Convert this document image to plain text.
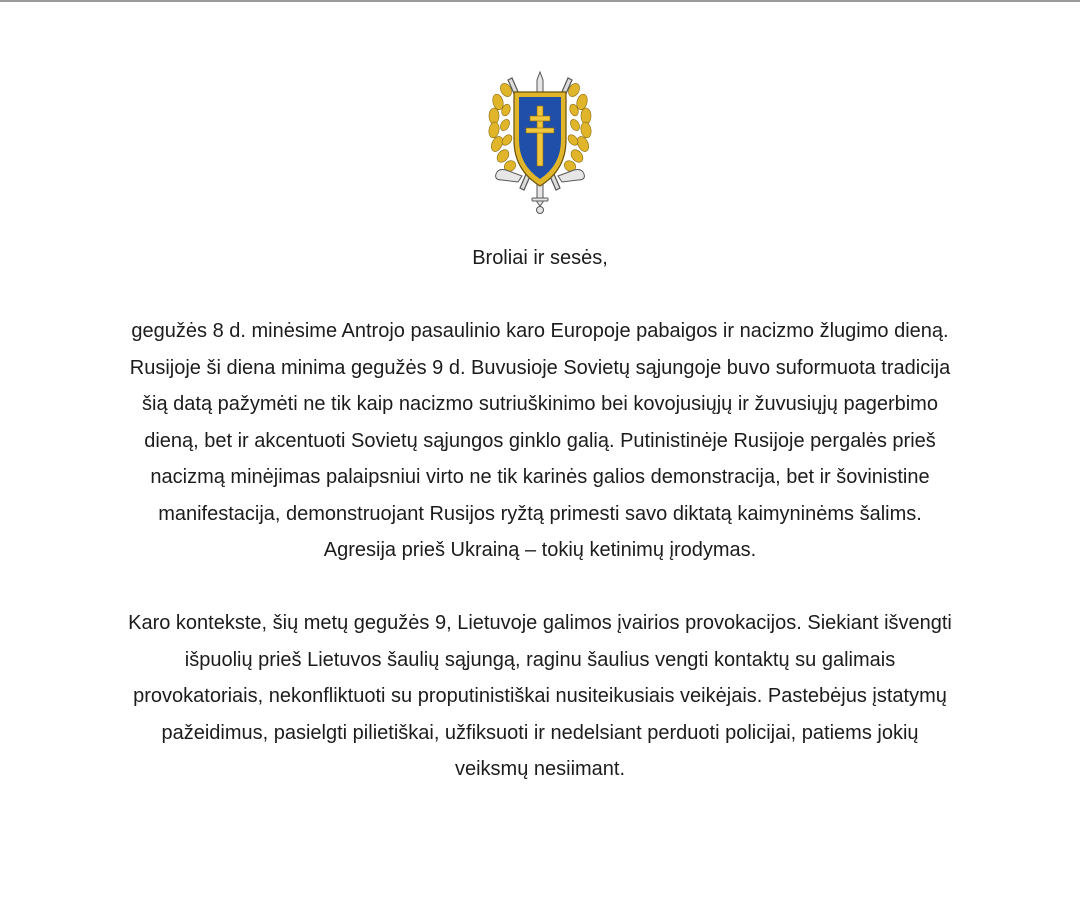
Broliai ir sesės,

gegužės 8 d. minėsime Antrojo pasaulinio karo Europoje pabaigos ir nacizmo žlugimo dieną.

Rusijoje ši diena minima gegužės 9 d. Buvusioje Sovietų sąjungoje buvo suformuota tradicija

šią datą pažymėti ne tik kaip nacizmo sutriuškinimo bei kovojusiųjų ir žuvusiųjų pagerbimo

dieną, bet ir akcentuoti Sovietų sąjungos ginklo galią. Putinistinėje Rusijoje pergalės prieš

nacizmą minėjimas palaipsniui virto ne tik karinės galios demonstracija, bet ir šovinistine

manifestacija, demonstruojant Rusijos ryžtą primesti savo diktatą kaimyninėms šalims.

Agresija prieš Ukrainą – tokių ketinimų įrodymas.

Karo kontekste, šių metų gegužės 9, Lietuvoje galimos įvairios provokacijos. Siekiant išvengti

išpuolių prieš Lietuvos šaulių sąjungą, raginu šaulius vengti kontaktų su galimais

provokatoriais, nekonfliktuoti su proputinistiškai nusiteikusiais veikėjais. Pastebėjus įstatymų

pažeidimus, pasielgti pilietiškai, užfiksuoti ir nedelsiant perduoti policijai, patiems jokių

veiksmų nesiimant.
